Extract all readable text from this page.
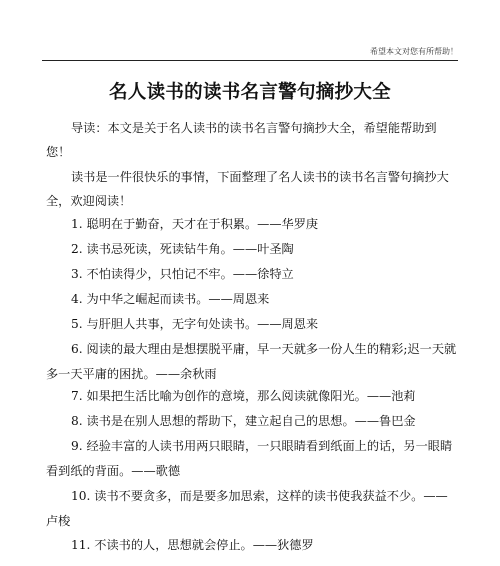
希望本文对您有所帮助！
名人读书的读书名言警句摘抄大全
导读：本文是关于名人读书的读书名言警句摘抄大全，希望能帮助到您！
读书是一件很快乐的事情，下面整理了名人读书的读书名言警句摘抄大全，欢迎阅读！
1. 聪明在于勤奋，天才在于积累。——华罗庚
2. 读书忌死读，死读钻牛角。——叶圣陶
3. 不怕读得少，只怕记不牢。——徐特立
4. 为中华之崛起而读书。——周恩来
5. 与肝胆人共事，无字句处读书。——周恩来
6. 阅读的最大理由是想摆脱平庸，早一天就多一份人生的精彩;迟一天就多一天平庸的困扰。——余秋雨
7. 如果把生活比喻为创作的意境，那么阅读就像阳光。——池莉
8. 读书是在别人思想的帮助下，建立起自己的思想。——鲁巴金
9. 经验丰富的人读书用两只眼睛，一只眼睛看到纸面上的话，另一眼睛看到纸的背面。——歌德
10. 读书不要贪多，而是要多加思索，这样的读书使我获益不少。——卢梭
11. 不读书的人，思想就会停止。——狄德罗
